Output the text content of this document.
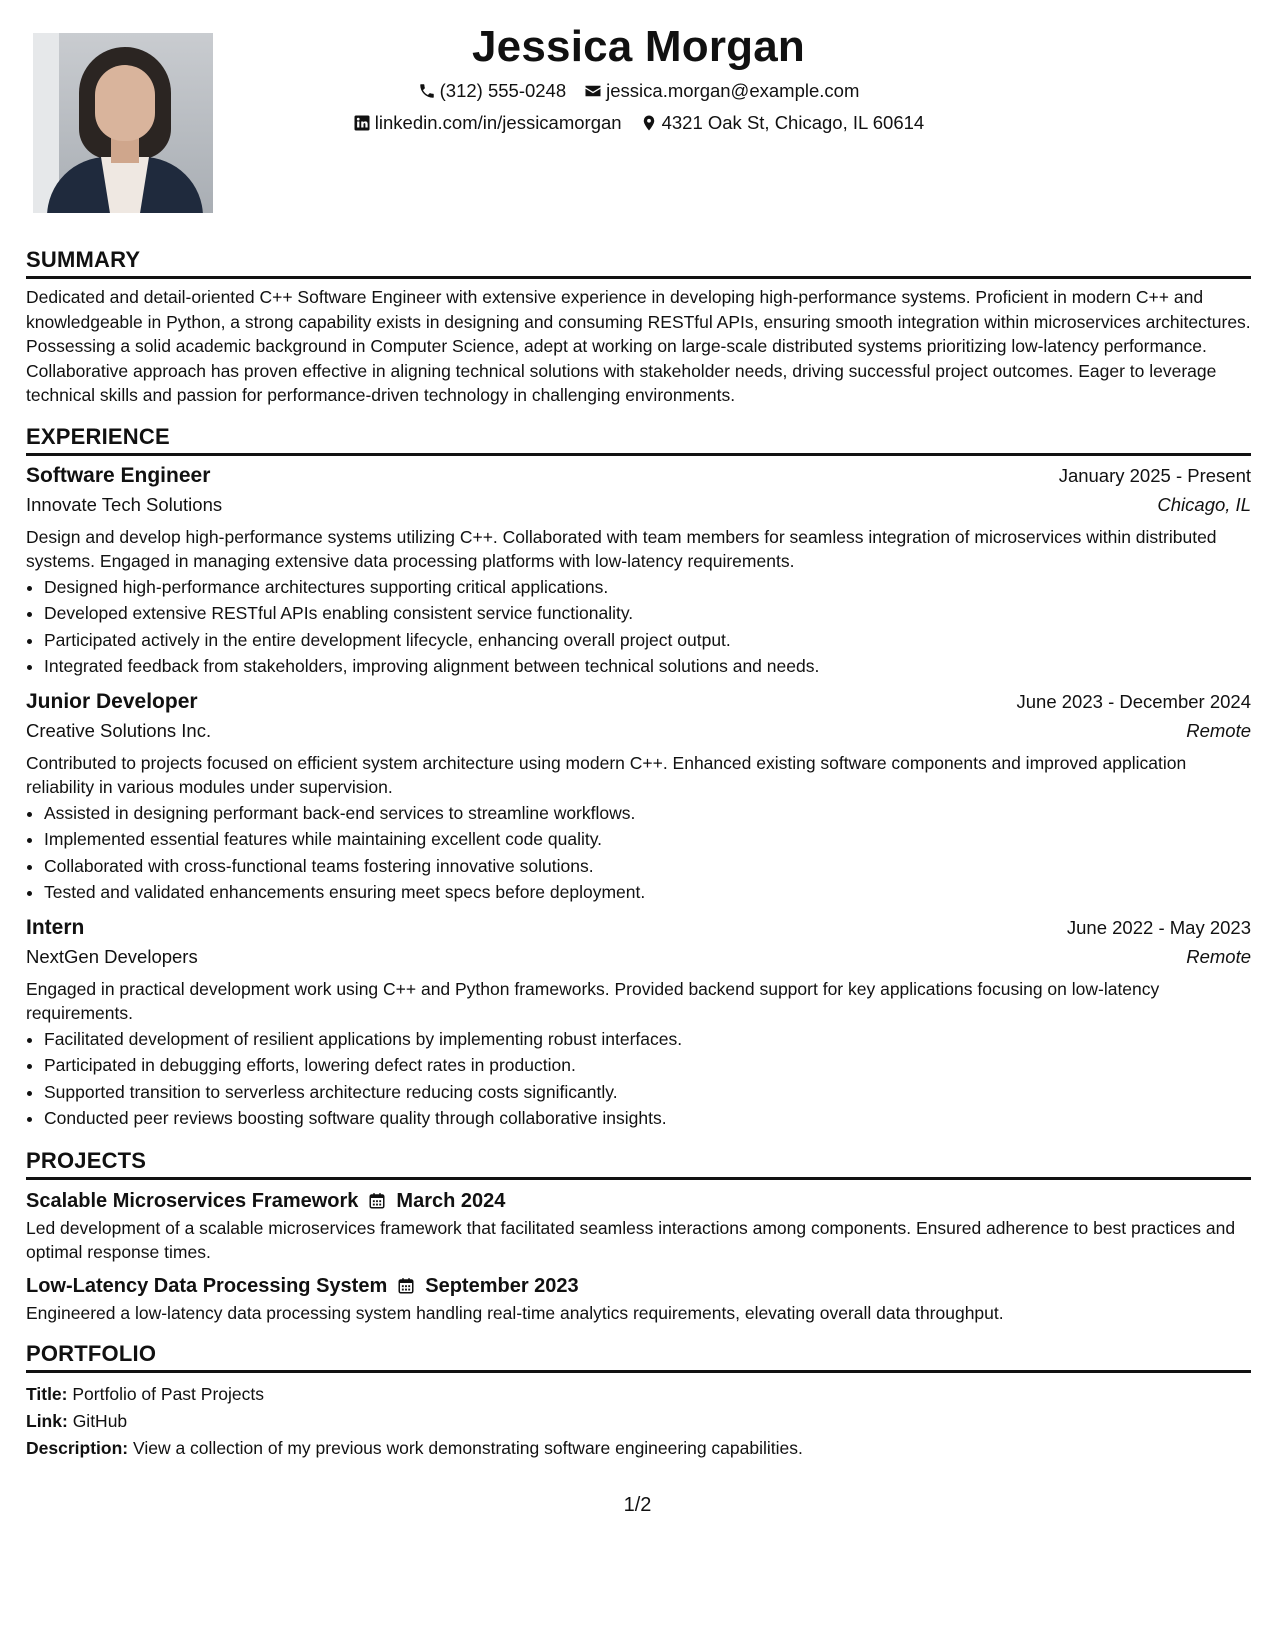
Jessica Morgan
(312) 555-0248 jessica.morgan@example.com
linkedin.com/in/jessicamorgan 4321 Oak St, Chicago, IL 60614
SUMMARY

Dedicated and detail-oriented C++ Software Engineer with extensive experience in developing high-performance systems. Proficient in modern C++ and knowledgeable in Python, a strong capability exists in designing and consuming RESTful APIs, ensuring smooth integration within microservices architectures. Possessing a solid academic background in Computer Science, adept at working on large-scale distributed systems prioritizing low-latency performance. Collaborative approach has proven effective in aligning technical solutions with stakeholder needs, driving successful project outcomes. Eager to leverage technical skills and passion for performance-driven technology in challenging environments.

EXPERIENCE
Software Engineer	January 2025 - Present
Innovate Tech Solutions	Chicago, IL

Design and develop high-performance systems utilizing C++. Collaborated with team members for seamless integration of microservices within distributed systems. Engaged in managing extensive data processing platforms with low-latency requirements.

• Designed high-performance architectures supporting critical applications.
• Developed extensive RESTful APIs enabling consistent service functionality.
• Participated actively in the entire development lifecycle, enhancing overall project output.
• Integrated feedback from stakeholders, improving alignment between technical solutions and needs.
Junior Developer	June 2023 - December 2024
Creative Solutions Inc.	Remote

Contributed to projects focused on efficient system architecture using modern C++. Enhanced existing software components and improved application reliability in various modules under supervision.

• Assisted in designing performant back-end services to streamline workflows.
• Implemented essential features while maintaining excellent code quality.
• Collaborated with cross-functional teams fostering innovative solutions.
• Tested and validated enhancements ensuring meet specs before deployment.
Intern	June 2022 - May 2023
NextGen Developers	Remote

Engaged in practical development work using C++ and Python frameworks. Provided backend support for key applications focusing on low-latency requirements.

• Facilitated development of resilient applications by implementing robust interfaces.
• Participated in debugging efforts, lowering defect rates in production.
• Supported transition to serverless architecture reducing costs significantly.
• Conducted peer reviews boosting software quality through collaborative insights.
PROJECTS
Scalable Microservices Framework March 2024

Led development of a scalable microservices framework that facilitated seamless interactions among components. Ensured adherence to best practices and optimal response times.

Low-Latency Data Processing System September 2023

Engineered a low-latency data processing system handling real-time analytics requirements, elevating overall data throughput.

PORTFOLIO
Title: Portfolio of Past Projects
Link: GitHub
Description: View a collection of my previous work demonstrating software engineering capabilities.
1/2
